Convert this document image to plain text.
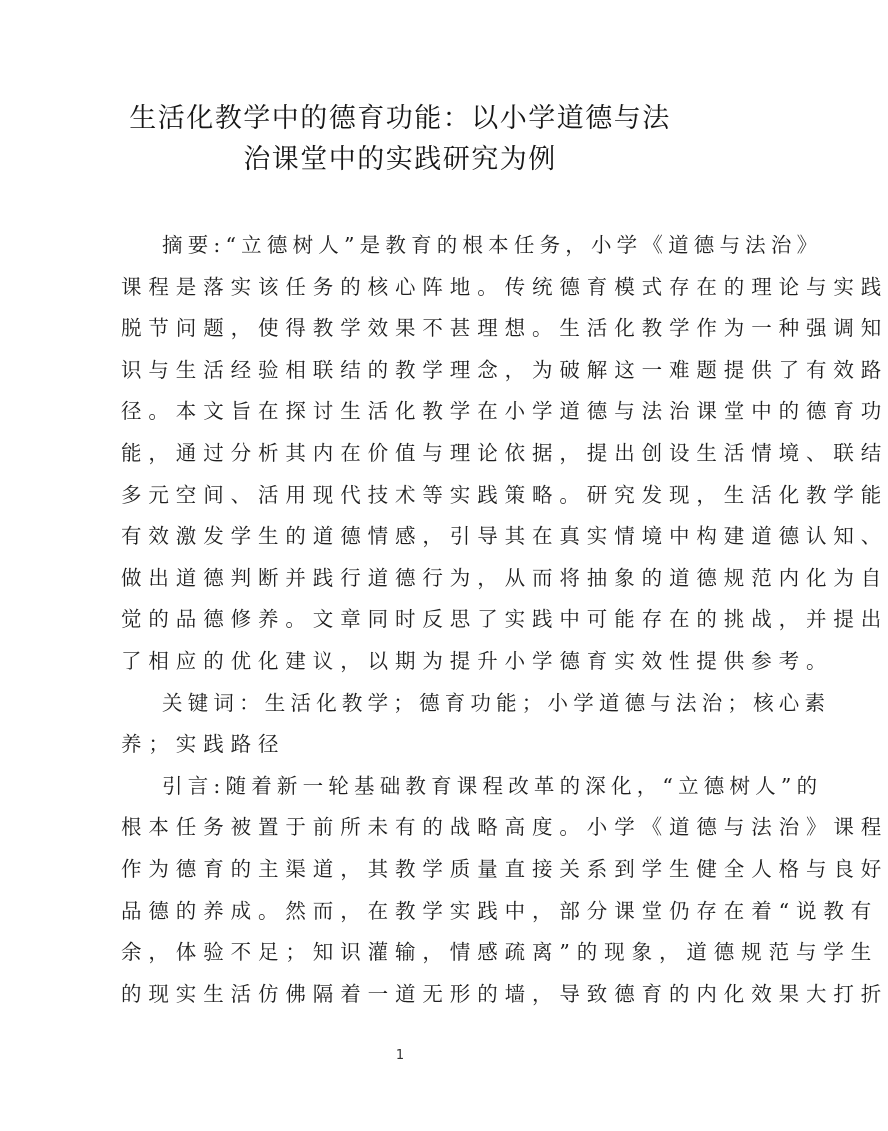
生活化教学中的德育功能：以小学道德与法
治课堂中的实践研究为例
摘要:“立德树人”是教育的根本任务，小学《道德与法治》
课程是落实该任务的核心阵地。传统德育模式存在的理论与实践
脱节问题，使得教学效果不甚理想。生活化教学作为一种强调知
识与生活经验相联结的教学理念，为破解这一难题提供了有效路
径。本文旨在探讨生活化教学在小学道德与法治课堂中的德育功
能，通过分析其内在价值与理论依据，提出创设生活情境、联结
多元空间、活用现代技术等实践策略。研究发现，生活化教学能
有效激发学生的道德情感，引导其在真实情境中构建道德认知、
做出道德判断并践行道德行为，从而将抽象的道德规范内化为自
觉的品德修养。文章同时反思了实践中可能存在的挑战，并提出
了相应的优化建议，以期为提升小学德育实效性提供参考。
关键词：生活化教学；德育功能；小学道德与法治；核心素
养；实践路径
引言:随着新一轮基础教育课程改革的深化，“立德树人”的
根本任务被置于前所未有的战略高度。小学《道德与法治》课程
作为德育的主渠道，其教学质量直接关系到学生健全人格与良好
品德的养成。然而，在教学实践中，部分课堂仍存在着“说教有
余，体验不足；知识灌输，情感疏离”的现象，道德规范与学生
的现实生活仿佛隔着一道无形的墙，导致德育的内化效果大打折
1
